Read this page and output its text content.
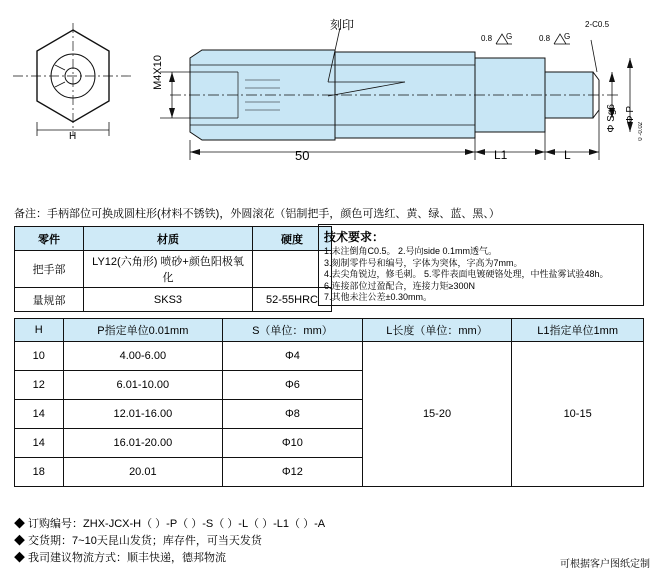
H
刻印
M4X10
50	L1	L
0.8 G	0.8 G
2-C0.5
Φ Sg6 Φ P
0 -0.02
备注：手柄部位可换成圆柱形(材料不锈铁)，外圆滚花（铝制把手，颜色可选红、黄、绿、蓝、黑、）
零件	材质	硬度
把手部	LY12(六角形) 喷砂+颜色阳极氧化	
量规部	SKS3	52-55HRC
技术要求：
1.未注倒角C0.5。 2.号向side 0.1mm透气。
3.刻制零件号和编号，字体为突体，字高为7mm。
4.去尖角锐边，修毛刺。 5.零件表面电镀硬铬处理，中性盐雾试验48h。
6.连接部位过盈配合，连接力矩≥300N
7.其他未注公差±0.30mm。
H	P指定单位0.01mm	S（单位：mm）	L长度（单位：mm）	L1指定单位1mm
10	4.00-6.00	Φ4	15-20	10-15
12	6.01-10.00	Φ6		
14	12.01-16.00	Φ8		
14	16.01-20.00	Φ10		
18	20.01	Φ12		
◆ 订购编号：ZHX-JCX-H（ ）-P（ ）-S（ ）-L（ ）-L1（ ）-A
◆ 交货期：7~10天昆山发货；库存件，可当天发货
◆ 我司建议物流方式：顺丰快递，德邦物流
可根据客户图纸定制
